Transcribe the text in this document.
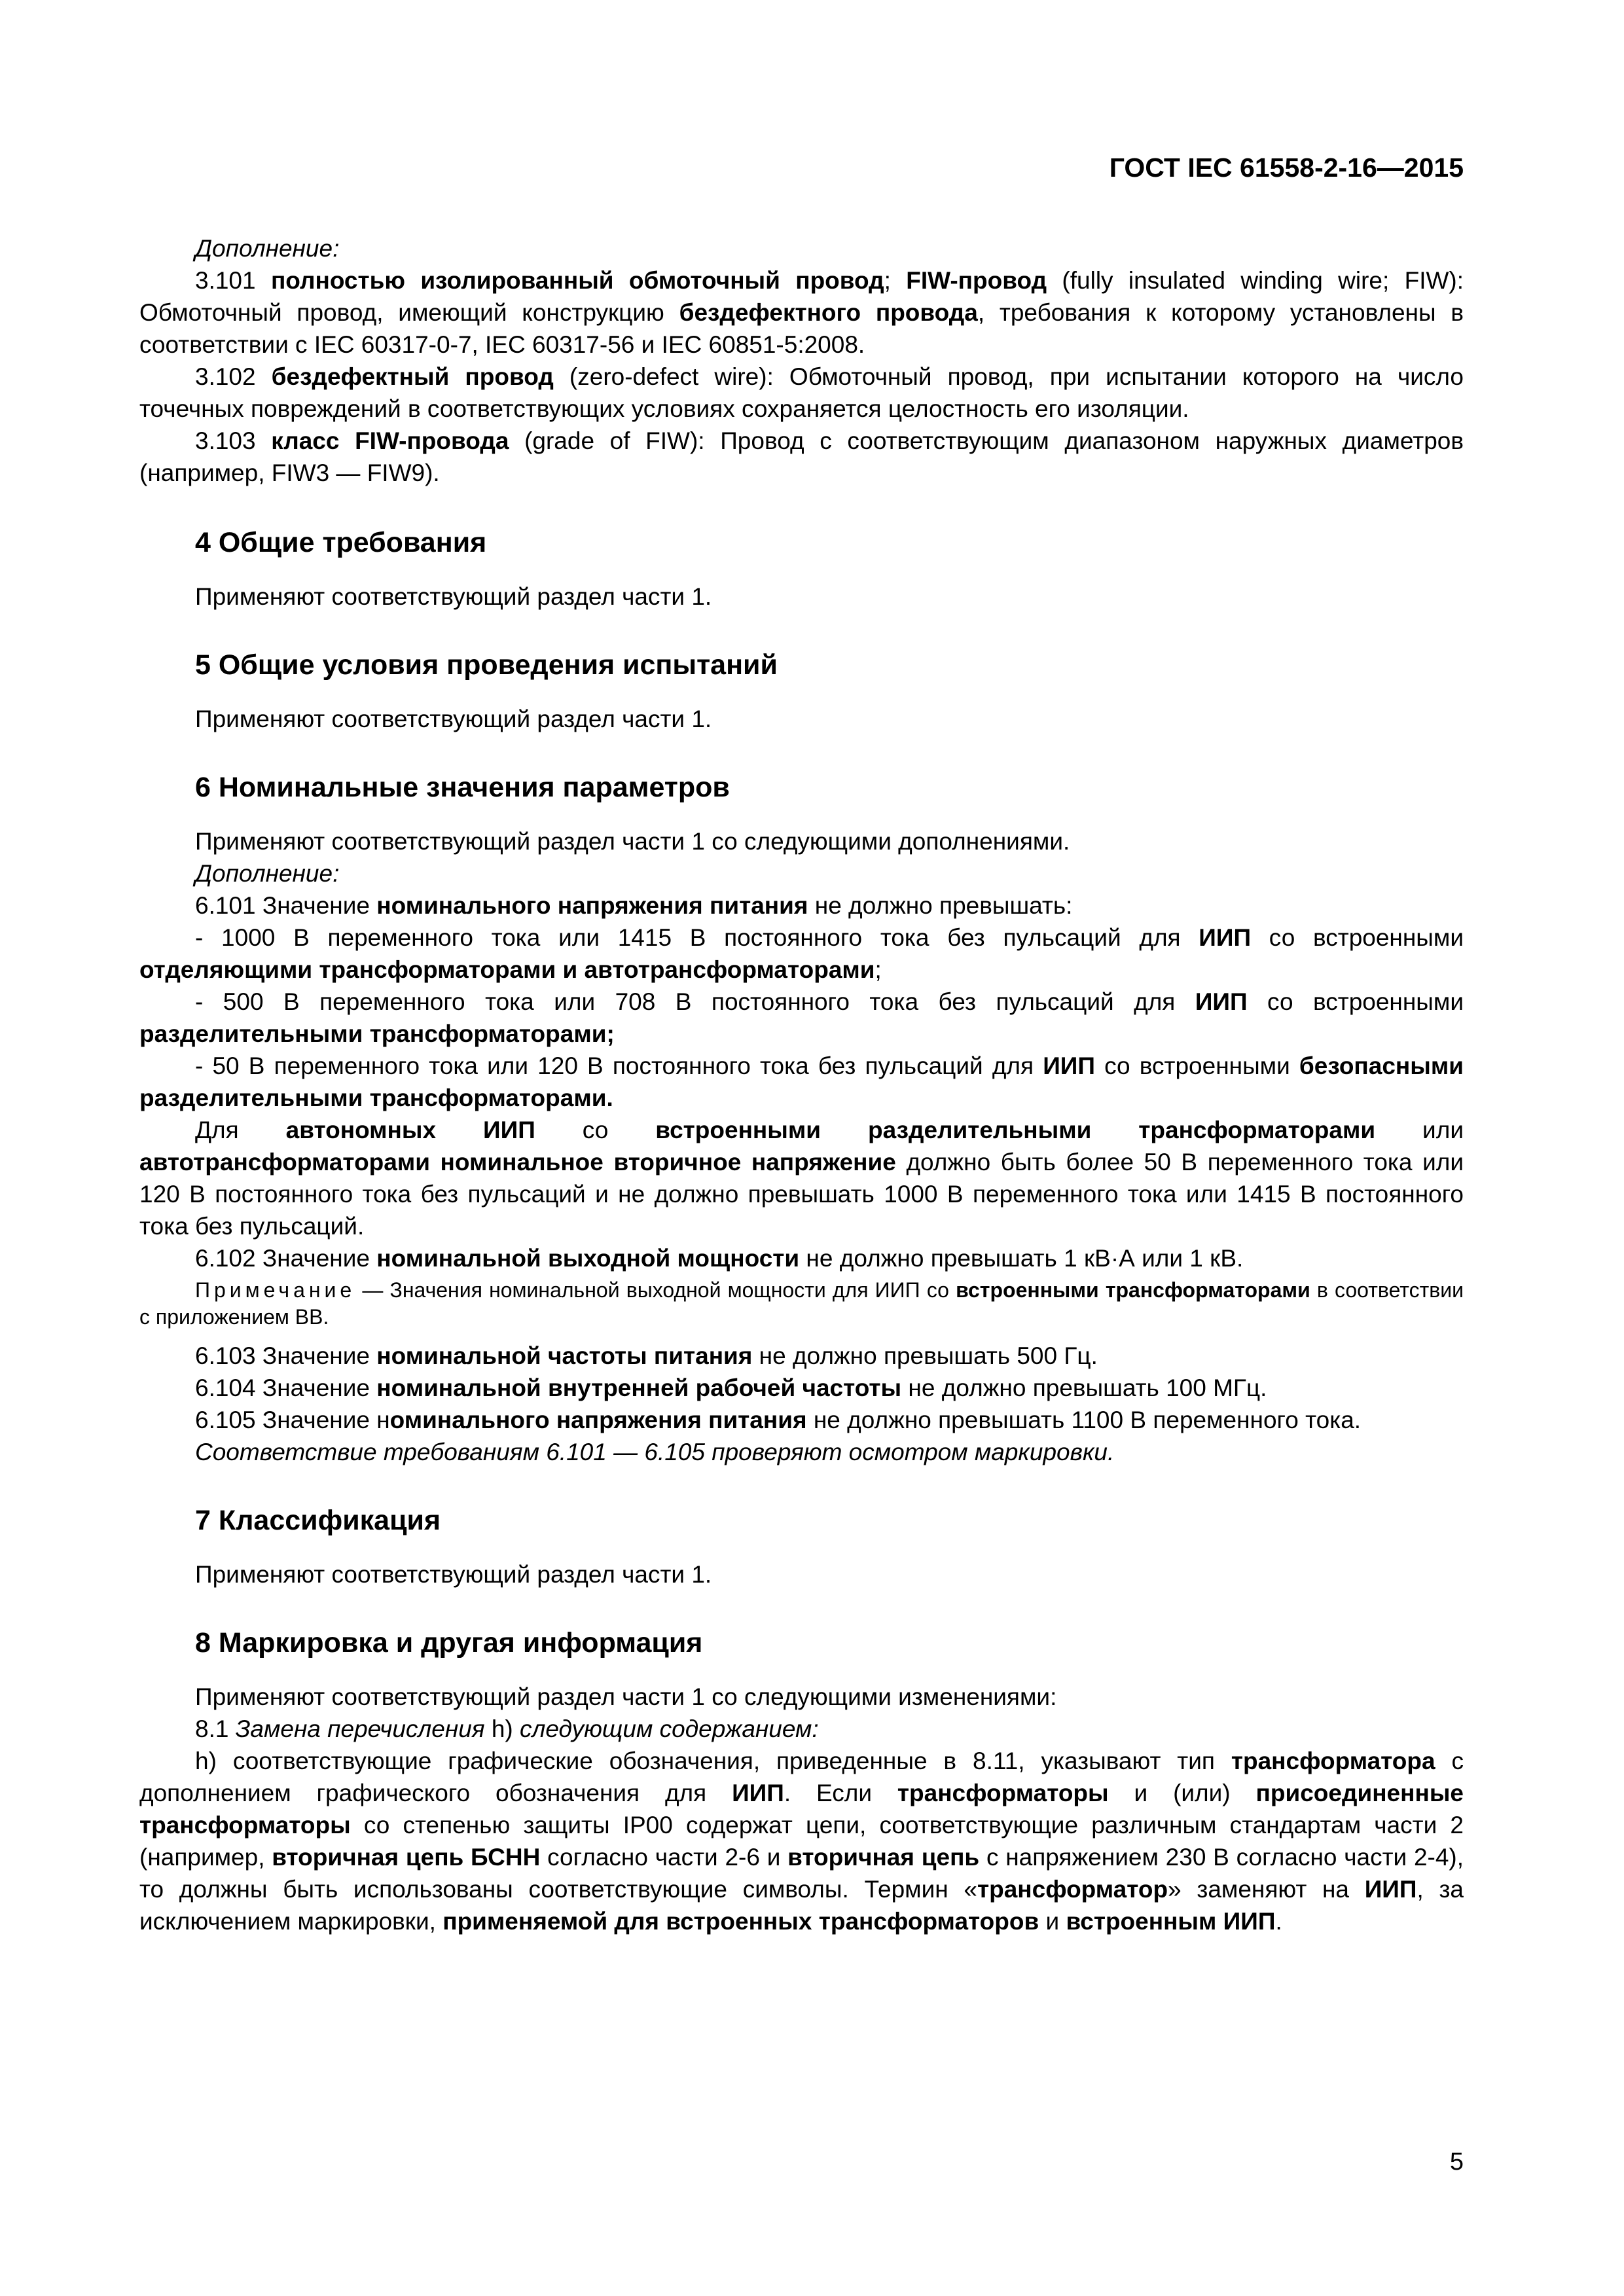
ГОСТ IEC 61558-2-16—2015

Дополнение:

3.101 полностью изолированный обмоточный провод; FIW-провод (fully insulated winding wire; FIW): Обмоточный провод, имеющий конструкцию бездефектного провода, требования к которому установлены в соответствии с IEC 60317-0-7, IEC 60317-56 и IEC 60851-5:2008.

3.102 бездефектный провод (zero-defect wire): Обмоточный провод, при испытании которого на число точечных повреждений в соответствующих условиях сохраняется целостность его изоляции.

3.103 класс FIW-провода (grade of FIW): Провод с соответствующим диапазоном наружных диаметров (например, FIW3 — FIW9).

4 Общие требования

Применяют соответствующий раздел части 1.

5 Общие условия проведения испытаний

Применяют соответствующий раздел части 1.

6 Номинальные значения параметров

Применяют соответствующий раздел части 1 со следующими дополнениями.

Дополнение:

6.101 Значение номинального напряжения питания не должно превышать:

- 1000 В переменного тока или 1415 В постоянного тока без пульсаций для ИИП со встроенными отделяющими трансформаторами и автотрансформаторами;

- 500 В переменного тока или 708 В постоянного тока без пульсаций для ИИП со встроенными разделительными трансформаторами;

- 50 В переменного тока или 120 В постоянного тока без пульсаций для ИИП со встроенными безопасными разделительными трансформаторами.

Для автономных ИИП со встроенными разделительными трансформаторами или автотрансформаторами номинальное вторичное напряжение должно быть более 50 В переменного тока или 120 В постоянного тока без пульсаций и не должно превышать 1000 В переменного тока или 1415 В постоянного тока без пульсаций.

6.102 Значение номинальной выходной мощности не должно превышать 1 кВ·А или 1 кВ.

Примечание — Значения номинальной выходной мощности для ИИП со встроенными трансформаторами в соответствии с приложением ВВ.

6.103 Значение номинальной частоты питания не должно превышать 500 Гц.

6.104 Значение номинальной внутренней рабочей частоты не должно превышать 100 МГц.

6.105 Значение номинального напряжения питания не должно превышать 1100 В переменного тока.

Соответствие требованиям 6.101 — 6.105 проверяют осмотром маркировки.

7 Классификация

Применяют соответствующий раздел части 1.

8 Маркировка и другая информация

Применяют соответствующий раздел части 1 со следующими изменениями:

8.1 Замена перечисления h) следующим содержанием:

h) соответствующие графические обозначения, приведенные в 8.11, указывают тип трансформатора с дополнением графического обозначения для ИИП. Если трансформаторы и (или) присоединенные трансформаторы со степенью защиты IP00 содержат цепи, соответствующие различным стандартам части 2 (например, вторичная цепь БСНН согласно части 2-6 и вторичная цепь с напряжением 230 В согласно части 2-4), то должны быть использованы соответствующие символы. Термин «трансформатор» заменяют на ИИП, за исключением маркировки, применяемой для встроенных трансформаторов и встроенным ИИП.

5
